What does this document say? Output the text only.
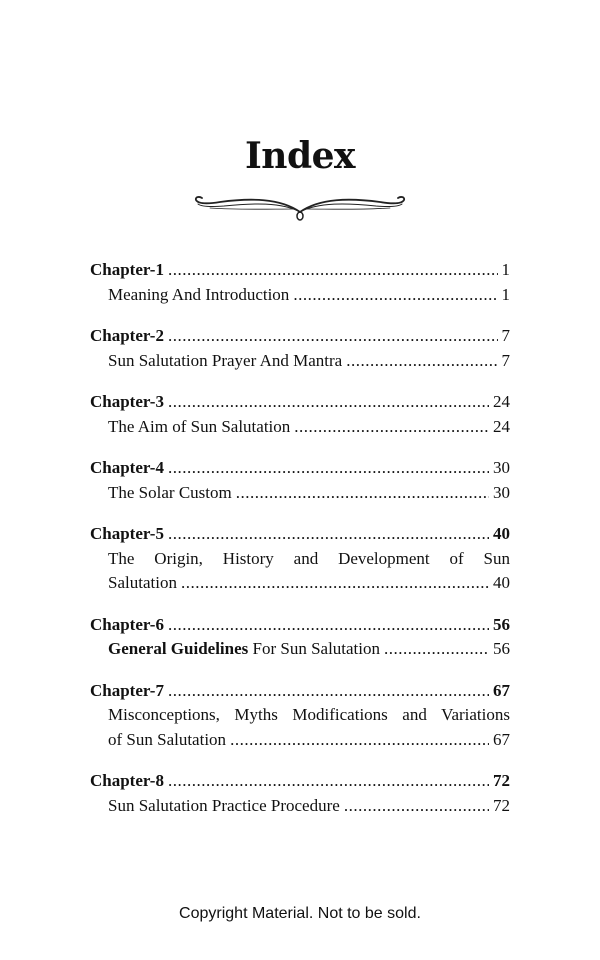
Index
Chapter-1 .....	1
Meaning And Introduction .....	1
Chapter-2 .....	7
Sun Salutation Prayer And Mantra .....	7
Chapter-3 .....	24
The Aim of Sun Salutation .....	24
Chapter-4 .....	30
The Solar Custom .....	30
Chapter-5 .....	40
The Origin, History and Development of Sun
Salutation .....	40
Chapter-6 .....	56
General Guidelines For Sun Salutation .....	56
Chapter-7 .....	67
Misconceptions, Myths Modifications and Variations
of Sun Salutation .....	67
Chapter-8 .....	72
Sun Salutation Practice Procedure .....	72
Copyright Material. Not to be sold.
